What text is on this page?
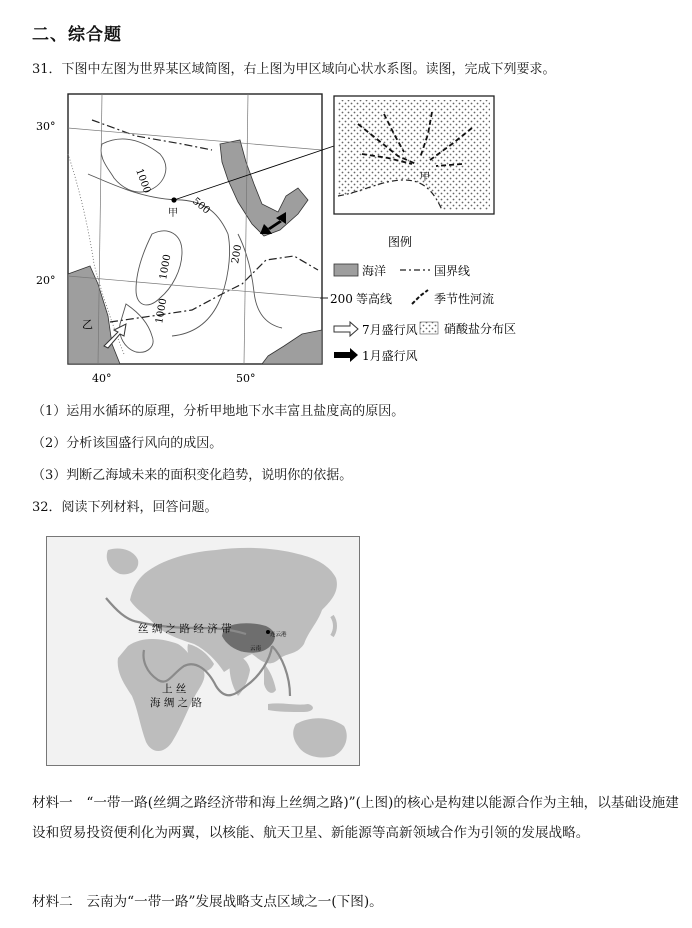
二、综合题
31．下图中左图为世界某区域简图，右上图为甲区域向心状水系图。读图，完成下列要求。
30°
20°
40°	50°
1000
500
200
1000
1000
甲
乙
甲
图例
海洋	国界线
200 等高线	季节性河流
7月盛行风 硝酸盐分布区
1月盛行风
（1）运用水循环的原理，分析甲地地下水丰富且盐度高的原因。
（2）分析该国盛行风向的成因。
（3）判断乙海域未来的面积变化趋势，说明你的依据。
32．阅读下列材料，回答问题。
丝 绸 之 路 经 济 带
上 丝
海 绸 之 路
连云港
云南
材料一　“一带一路(丝绸之路经济带和海上丝绸之路)”(上图)的核心是构建以能源合作为主轴，以基础设施建设和贸易投资便利化为两翼，以核能、航天卫星、新能源等高新领域合作为引领的发展战略。
材料二　云南为“一带一路”发展战略支点区域之一(下图)。
